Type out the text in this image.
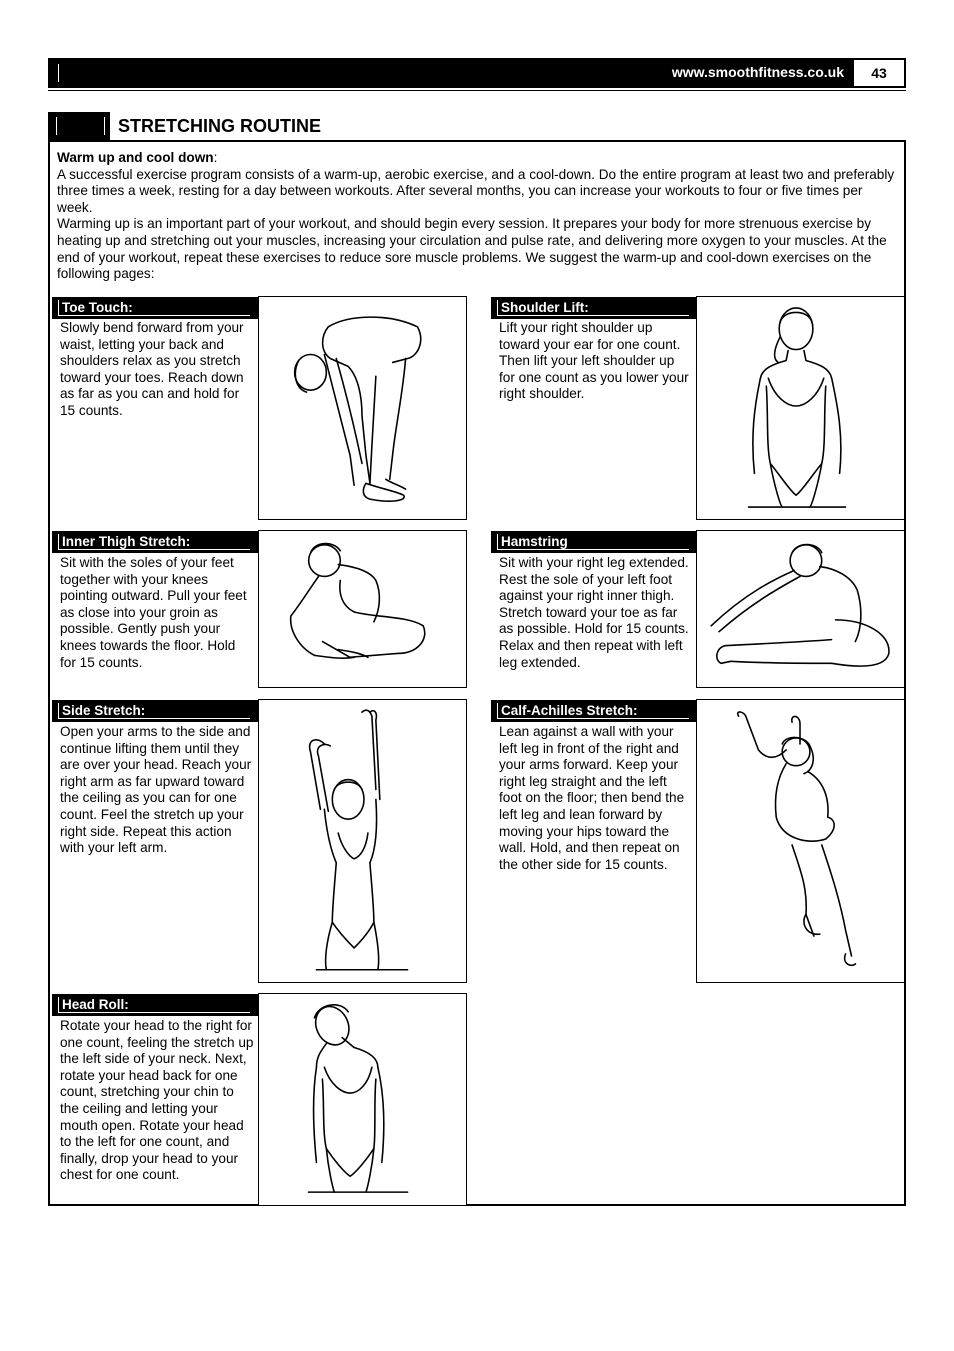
www.smoothfitness.co.uk	43
STRETCHING ROUTINE

Warm up and cool down:

A successful exercise program consists of a warm-up, aerobic exercise, and a cool-down. Do the entire program at least two and preferably three times a week, resting for a day between workouts. After several months, you can increase your workouts to four or five times per week.

Warming up is an important part of your workout, and should begin every session. It prepares your body for more strenuous exercise by heating up and stretching out your muscles, increasing your circulation and pulse rate, and delivering more oxygen to your muscles. At the end of your workout, repeat these exercises to reduce sore muscle problems. We suggest the warm-up and cool-down exercises on the following pages:

Toe Touch:
Slowly bend forward from your waist, letting your back and shoulders relax as you stretch toward your toes. Reach down as far as you can and hold for 15 counts.
Shoulder Lift:
Lift your right shoulder up toward your ear for one count. Then lift your left shoulder up for one count as you lower your right shoulder.
Inner Thigh Stretch:
Sit with the soles of your feet together with your knees pointing outward. Pull your feet as close into your groin as possible. Gently push your knees towards the floor. Hold for 15 counts.
Hamstring
Sit with your right leg extended. Rest the sole of your left foot against your right inner thigh. Stretch toward your toe as far as possible. Hold for 15 counts. Relax and then repeat with left leg extended.
Side Stretch:
Open your arms to the side and continue lifting them until they are over your head. Reach your right arm as far upward toward the ceiling as you can for one count. Feel the stretch up your right side. Repeat this action with your left arm.
Calf-Achilles Stretch:
Lean against a wall with your left leg in front of the right and your arms forward. Keep your right leg straight and the left foot on the floor; then bend the left leg and lean forward by moving your hips toward the wall. Hold, and then repeat on the other side for 15 counts.
Head Roll:
Rotate your head to the right for one count, feeling the stretch up the left side of your neck. Next, rotate your head back for one count, stretching your chin to the ceiling and letting your mouth open. Rotate your head to the left for one count, and finally, drop your head to your chest for one count.
